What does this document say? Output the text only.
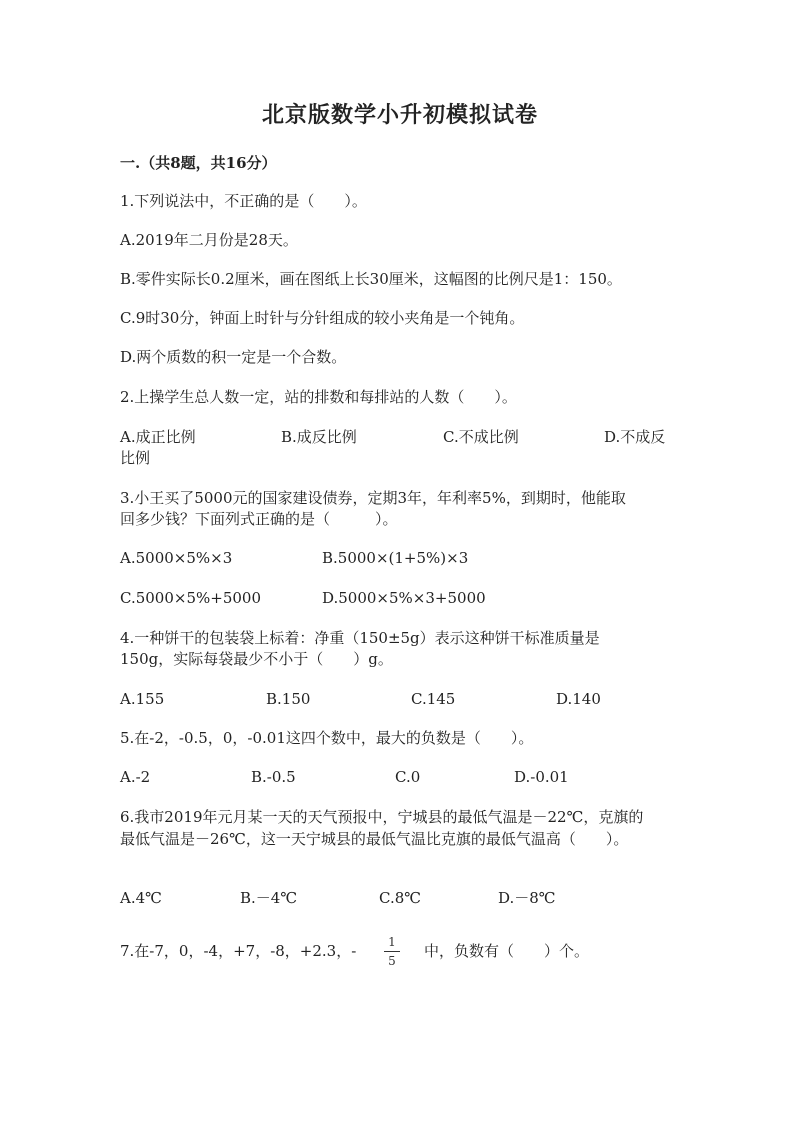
北京版数学小升初模拟试卷
一.（共8题，共16分）
1.下列说法中，不正确的是（　　）。
A.2019年二月份是28天。
B.零件实际长0.2厘米，画在图纸上长30厘米，这幅图的比例尺是1：150。
C.9时30分，钟面上时针与分针组成的较小夹角是一个钝角。
D.两个质数的积一定是一个合数。
2.上操学生总人数一定，站的排数和每排站的人数（　　）。
A.成正比例	B.成反比例	C.不成比例	D.不成反
比例
3.小王买了5000元的国家建设债券，定期3年，年利率5%，到期时，他能取
回多少钱？下面列式正确的是（　　　）。
A.5000×5%×3	B.5000×(1+5%)×3
C.5000×5%+5000	D.5000×5%×3+5000
4.一种饼干的包装袋上标着：净重（150±5g）表示这种饼干标准质量是
150g，实际每袋最少不小于（　　）g。
A.155	B.150	C.145	D.140
5.在-2，-0.5，0，-0.01这四个数中，最大的负数是（　　）。
A.-2	B.-0.5	C.0	D.-0.01
6.我市2019年元月某一天的天气预报中，宁城县的最低气温是－22℃，克旗的
最低气温是－26℃，这一天宁城县的最低气温比克旗的最低气温高（　　）。
A.4℃	B.－4℃	C.8℃	D.－8℃
7.在-7，0，-4，+7，-8，+2.3，-	1
5
中，负数有（　　）个。
